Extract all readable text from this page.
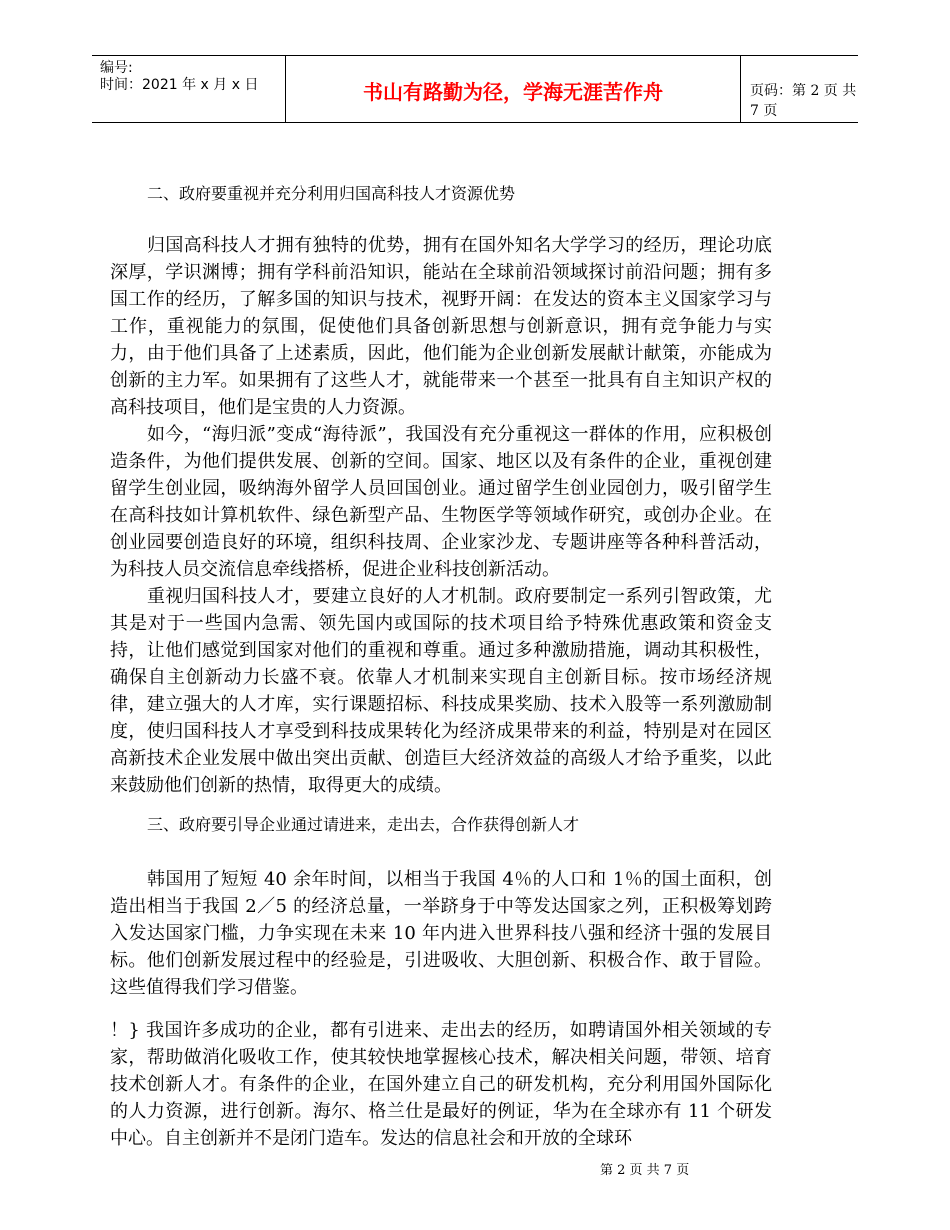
编号:
时间：2021 年 x 月 x 日	书山有路勤为径，学海无涯苦作舟	页码：第 2 页 共 7 页

二、政府要重视并充分利用归国高科技人才资源优势

归国高科技人才拥有独特的优势，拥有在国外知名大学学习的经历，理论功底深厚，学识渊博；拥有学科前沿知识，能站在全球前沿领域探讨前沿问题；拥有多国工作的经历，了解多国的知识与技术，视野开阔：在发达的资本主义国家学习与工作，重视能力的氛围，促使他们具备创新思想与创新意识，拥有竞争能力与实力，由于他们具备了上述素质，因此，他们能为企业创新发展献计献策，亦能成为创新的主力军。如果拥有了这些人才，就能带来一个甚至一批具有自主知识产权的高科技项目，他们是宝贵的人力资源。

如今，“海归派”变成“海待派”，我国没有充分重视这一群体的作用，应积极创造条件，为他们提供发展、创新的空间。国家、地区以及有条件的企业，重视创建留学生创业园，吸纳海外留学人员回国创业。通过留学生创业园创力，吸引留学生在高科技如计算机软件、绿色新型产品、生物医学等领域作研究，或创办企业。在创业园要创造良好的环境，组织科技周、企业家沙龙、专题讲座等各种科普活动，为科技人员交流信息牵线搭桥，促进企业科技创新活动。

重视归国科技人才，要建立良好的人才机制。政府要制定一系列引智政策，尤其是对于一些国内急需、领先国内或国际的技术项目给予特殊优惠政策和资金支持，让他们感觉到国家对他们的重视和尊重。通过多种激励措施，调动其积极性，确保自主创新动力长盛不衰。依靠人才机制来实现自主创新目标。按市场经济规律，建立强大的人才库，实行课题招标、科技成果奖励、技术入股等一系列激励制度，使归国科技人才享受到科技成果转化为经济成果带来的利益，特别是对在园区高新技术企业发展中做出突出贡献、创造巨大经济效益的高级人才给予重奖，以此来鼓励他们创新的热情，取得更大的成绩。

三、政府要引导企业通过请进来，走出去，合作获得创新人才

韩国用了短短 40 余年时间，以相当于我国 4％的人口和 1％的国土面积，创造出相当于我国 2／5 的经济总量，一举跻身于中等发达国家之列，正积极筹划跨入发达国家门槛，力争实现在未来 10 年内进入世界科技八强和经济十强的发展目标。他们创新发展过程中的经验是，引进吸收、大胆创新、积极合作、敢于冒险。这些值得我们学习借鉴。

！} 我国许多成功的企业，都有引进来、走出去的经历，如聘请国外相关领域的专家，帮助做消化吸收工作，使其较快地掌握核心技术，解决相关问题，带领、培育技术创新人才。有条件的企业，在国外建立自己的研发机构，充分利用国外国际化的人力资源，进行创新。海尔、格兰仕是最好的例证，华为在全球亦有 11 个研发中心。自主创新并不是闭门造车。发达的信息社会和开放的全球环

第 2 页 共 7 页
